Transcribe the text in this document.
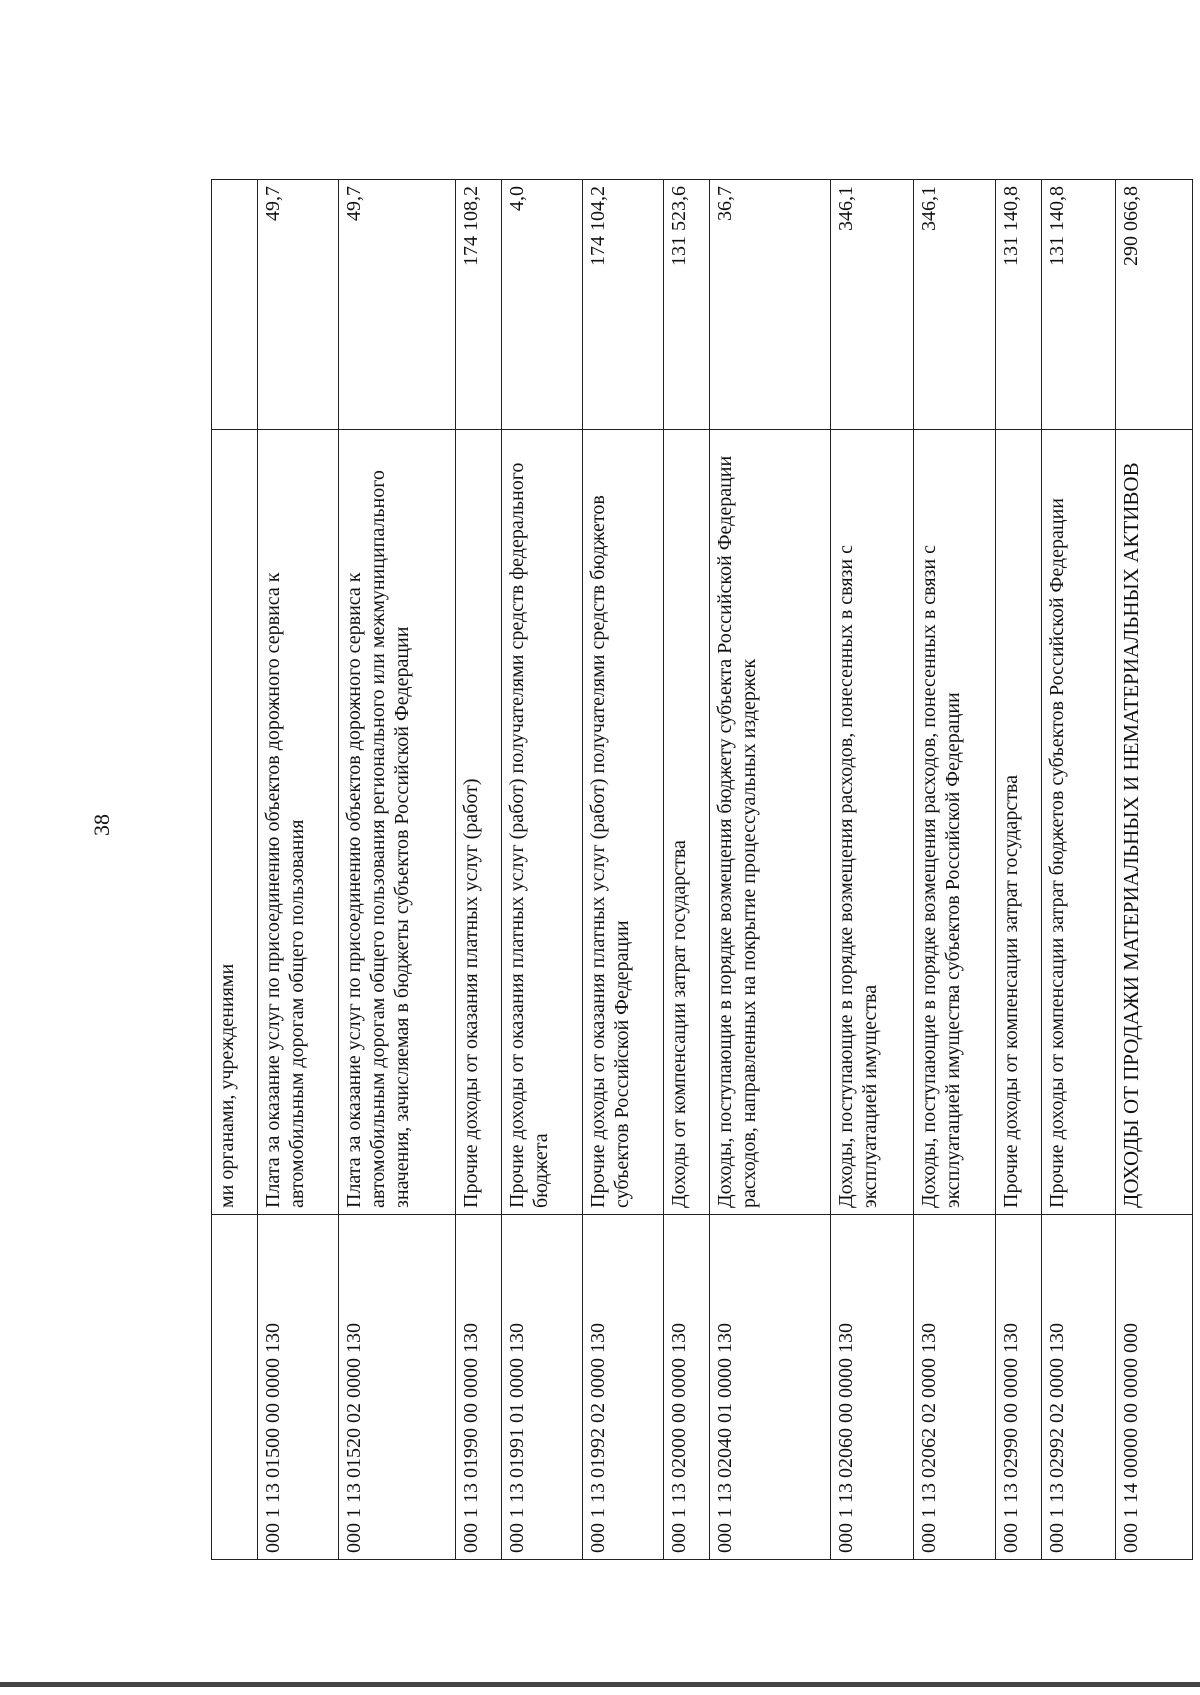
38
	ми органами, учреждениями	
000 1 13 01500 00 0000 130	Плата за оказание услуг по присоединению объектов дорожного сервиса к автомобильным дорогам общего пользования	49,7
000 1 13 01520 02 0000 130	Плата за оказание услуг по присоединению объектов дорожного сервиса к автомобильным дорогам общего пользования регионального или межмуниципального значения, зачисляемая в бюджеты субъектов Российской Федерации	49,7
000 1 13 01990 00 0000 130	Прочие доходы от оказания платных услуг (работ)	174 108,2
000 1 13 01991 01 0000 130	Прочие доходы от оказания платных услуг (работ) получателями средств федерального бюджета	4,0
000 1 13 01992 02 0000 130	Прочие доходы от оказания платных услуг (работ) получателями средств бюджетов субъектов Российской Федерации	174 104,2
000 1 13 02000 00 0000 130	Доходы от компенсации затрат государства	131 523,6
000 1 13 02040 01 0000 130	Доходы, поступающие в порядке возмещения бюджету субъекта Российской Федерации расходов, направленных на покрытие процессуальных издержек	36,7
000 1 13 02060 00 0000 130	Доходы, поступающие в порядке возмещения расходов, понесенных в связи с эксплуатацией имущества	346,1
000 1 13 02062 02 0000 130	Доходы, поступающие в порядке возмещения расходов, понесенных в связи с эксплуатацией имущества субъектов Российской Федерации	346,1
000 1 13 02990 00 0000 130	Прочие доходы от компенсации затрат государства	131 140,8
000 1 13 02992 02 0000 130	Прочие доходы от компенсации затрат бюджетов субъектов Российской Федерации	131 140,8
000 1 14 00000 00 0000 000	ДОХОДЫ ОТ ПРОДАЖИ МАТЕРИАЛЬНЫХ И НЕМАТЕРИАЛЬНЫХ АКТИВОВ	290 066,8
